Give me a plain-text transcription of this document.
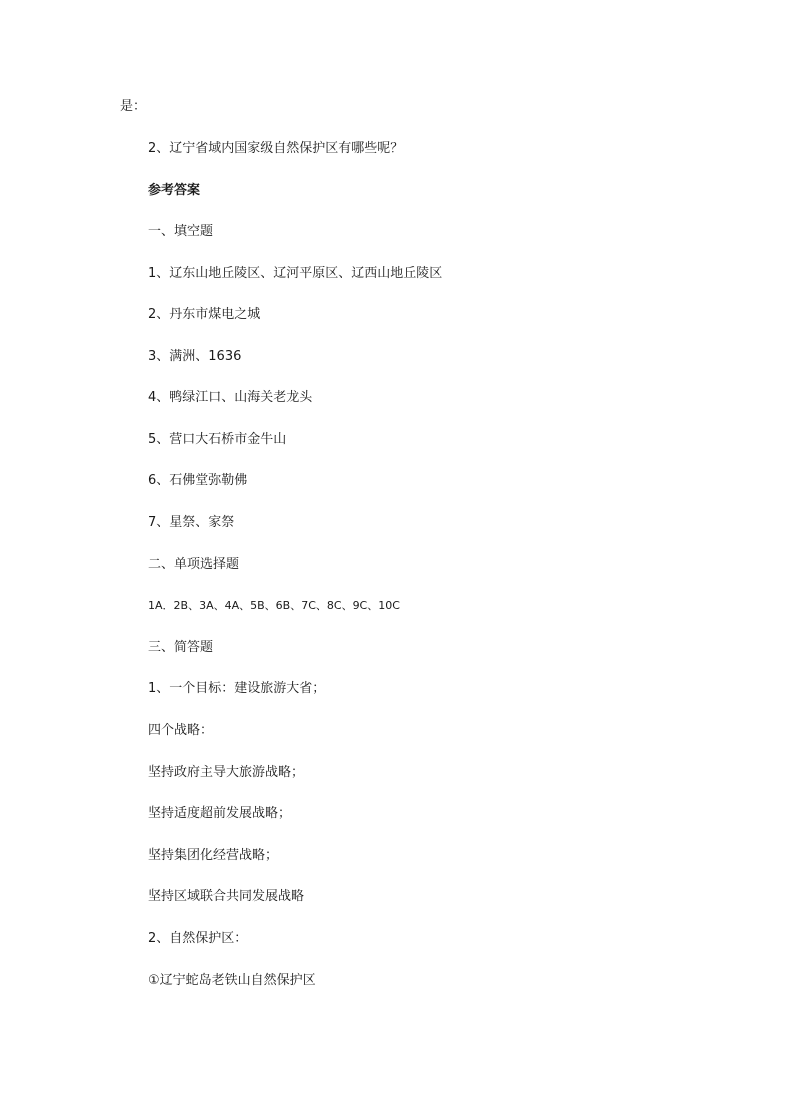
是：
2、辽宁省域内国家级自然保护区有哪些呢？
参考答案
一、填空题
1、辽东山地丘陵区、辽河平原区、辽西山地丘陵区
2、丹东市煤电之城
3、满洲、1636
4、鸭绿江口、山海关老龙头
5、营口大石桥市金牛山
6、石佛堂弥勒佛
7、星祭、家祭
二、单项选择题
1A．2B、3A、4A、5B、6B、7C、8C、9C、10C
三、简答题
1、一个目标：建设旅游大省；
四个战略：
坚持政府主导大旅游战略；
坚持适度超前发展战略；
坚持集团化经营战略；
坚持区域联合共同发展战略
2、自然保护区：
①辽宁蛇岛老铁山自然保护区
